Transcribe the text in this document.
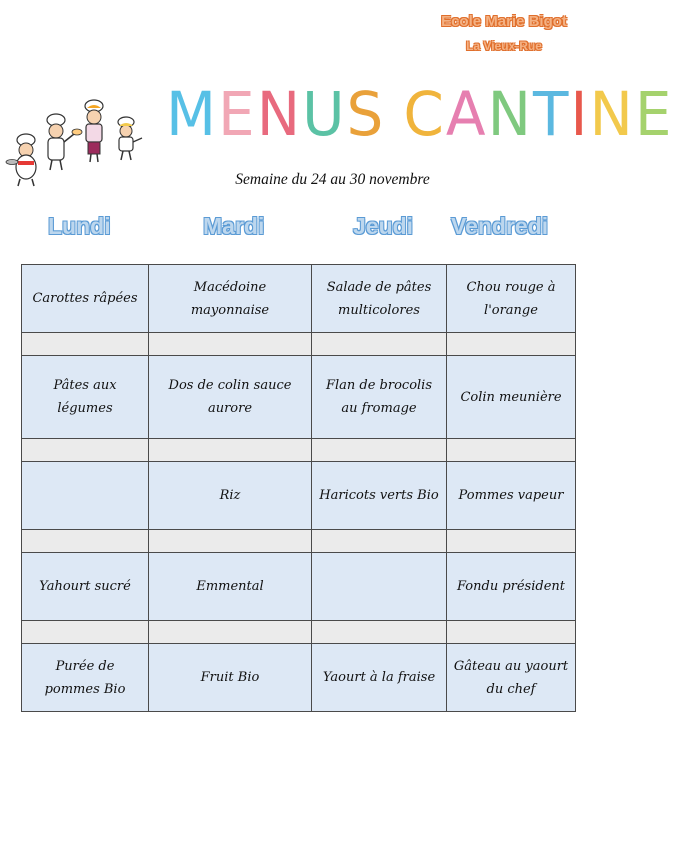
Ecole Marie Bigot
La Vieux-Rue
MENUS CANTINE
Semaine du 24 au 30 novembre
Lundi	Mardi	Jeudi Vendredi
Carottes râpées	Macédoine mayonnaise	Salade de pâtes multicolores	Chou rouge à l'orange

Pâtes aux légumes	Dos de colin sauce aurore	Flan de brocolis au fromage	Colin meunière

	Riz	Haricots verts Bio	Pommes vapeur

Yahourt sucré	Emmental		Fondu président

Purée de pommes Bio	Fruit Bio	Yaourt à la fraise	Gâteau au yaourt du chef
